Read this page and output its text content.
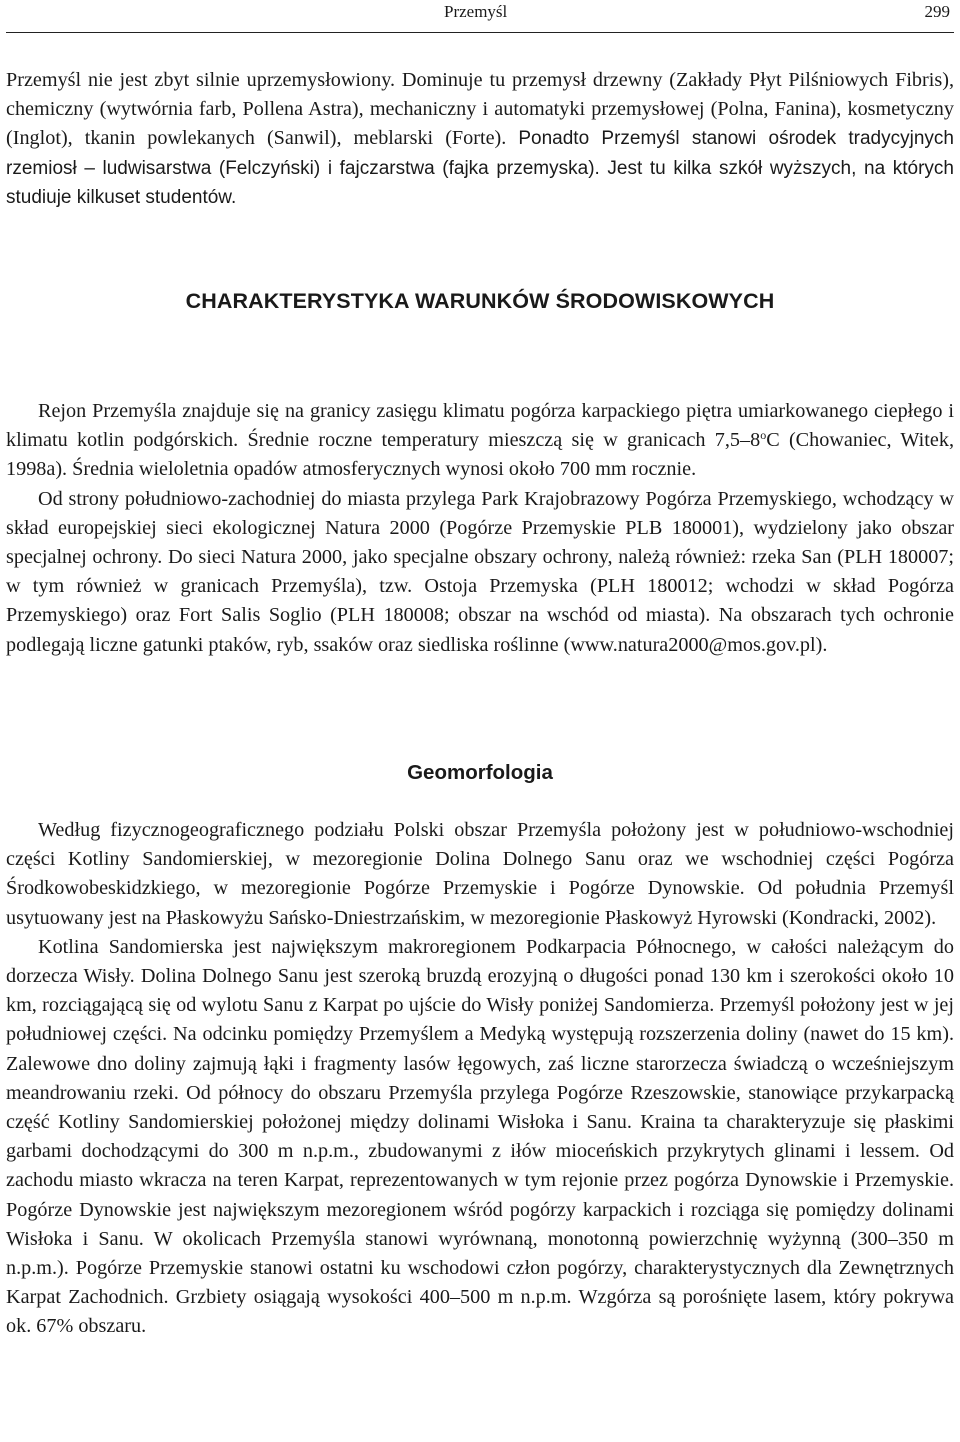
Przemyśl	299

Przemyśl nie jest zbyt silnie uprzemysłowiony. Dominuje tu przemysł drzewny (Zakłady Płyt Pilśniowych Fibris), chemiczny (wytwórnia farb, Pollena Astra), mechaniczny i automatyki przemysłowej (Polna, Fanina), kosmetyczny (Inglot), tkanin powlekanych (Sanwil), meblarski (Forte). Ponadto Przemyśl stanowi ośrodek tradycyjnych rzemiosł – ludwisarstwa (Felczyński) i fajczarstwa (fajka przemyska). Jest tu kilka szkół wyższych, na których studiuje kilkuset studentów.

CHARAKTERYSTYKA WARUNKÓW ŚRODOWISKOWYCH

Rejon Przemyśla znajduje się na granicy zasięgu klimatu pogórza karpackiego piętra umiarkowanego ciepłego i klimatu kotlin podgórskich. Średnie roczne temperatury mieszczą się w granicach 7,5–8$^o$C (Chowaniec, Witek, 1998a). Średnia wieloletnia opadów atmosferycznych wynosi około 700 mm rocznie.

Od strony południowo-zachodniej do miasta przylega Park Krajobrazowy Pogórza Przemyskiego, wchodzący w skład europejskiej sieci ekologicznej Natura 2000 (Pogórze Przemyskie PLB 180001), wydzielony jako obszar specjalnej ochrony. Do sieci Natura 2000, jako specjalne obszary ochrony, należą również: rzeka San (PLH 180007; w tym również w granicach Przemyśla), tzw. Ostoja Przemyska (PLH 180012; wchodzi w skład Pogórza Przemyskiego) oraz Fort Salis Soglio (PLH 180008; obszar na wschód od miasta). Na obszarach tych ochronie podlegają liczne gatunki ptaków, ryb, ssaków oraz siedliska roślinne (www.natura2000@mos.gov.pl).

Geomorfologia

Według fizycznogeograficznego podziału Polski obszar Przemyśla położony jest w południowo-wschodniej części Kotliny Sandomierskiej, w mezoregionie Dolina Dolnego Sanu oraz we wschodniej części Pogórza Środkowobeskidzkiego, w mezoregionie Pogórze Przemyskie i Pogórze Dynowskie. Od południa Przemyśl usytuowany jest na Płaskowyżu Sańsko-Dniestrzańskim, w mezoregionie Płaskowyż Hyrowski (Kondracki, 2002).

Kotlina Sandomierska jest największym makroregionem Podkarpacia Północnego, w całości należącym do dorzecza Wisły. Dolina Dolnego Sanu jest szeroką bruzdą erozyjną o długości ponad 130 km i szerokości około 10 km, rozciągającą się od wylotu Sanu z Karpat po ujście do Wisły poniżej Sandomierza. Przemyśl położony jest w jej południowej części. Na odcinku pomiędzy Przemyślem a Medyką występują rozszerzenia doliny (nawet do 15 km). Zalewowe dno doliny zajmują łąki i fragmenty lasów łęgowych, zaś liczne starorzecza świadczą o wcześniejszym meandrowaniu rzeki. Od północy do obszaru Przemyśla przylega Pogórze Rzeszowskie, stanowiące przykarpacką część Kotliny Sandomierskiej położonej między dolinami Wisłoka i Sanu. Kraina ta charakteryzuje się płaskimi garbami dochodzącymi do 300 m n.p.m., zbudowanymi z iłów mioceńskich przykrytych glinami i lessem. Od zachodu miasto wkracza na teren Karpat, reprezentowanych w tym rejonie przez pogórza Dynowskie i Przemyskie. Pogórze Dynowskie jest największym mezoregionem wśród pogórzy karpackich i rozciąga się pomiędzy dolinami Wisłoka i Sanu. W okolicach Przemyśla stanowi wyrównaną, monotonną powierzchnię wyżynną (300–350 m n.p.m.). Pogórze Przemyskie stanowi ostatni ku wschodowi człon pogórzy, charakterystycznych dla Zewnętrznych Karpat Zachodnich. Grzbiety osiągają wysokości 400–500 m n.p.m. Wzgórza są porośnięte lasem, który pokrywa ok. 67% obszaru.
